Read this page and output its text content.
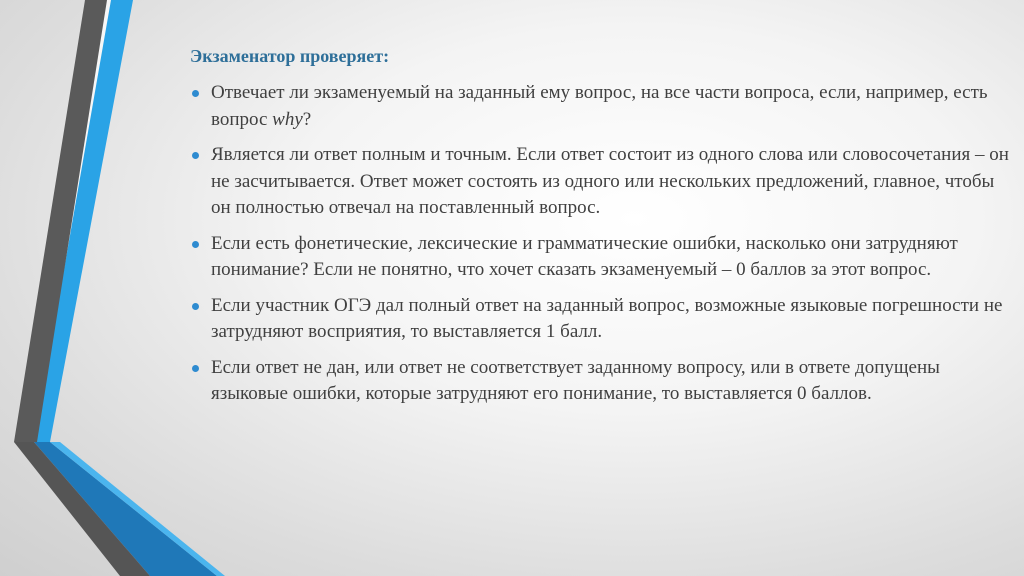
Экзаменатор проверяет:
Отвечает ли экзаменуемый на заданный ему вопрос, на все части вопроса, если, например, есть вопрос why?
Является ли ответ полным и точным. Если ответ состоит из одного слова или словосочетания – он не засчитывается. Ответ может состоять из одного или нескольких предложений, главное, чтобы он полностью отвечал на поставленный вопрос.
Если есть фонетические, лексические и грамматические ошибки, насколько они затрудняют понимание? Если не понятно, что хочет сказать экзаменуемый – 0 баллов за этот вопрос.
Если участник ОГЭ дал полный ответ на заданный вопрос, возможные языковые погрешности не затрудняют восприятия, то выставляется 1 балл.
Если ответ не дан, или ответ не соответствует заданному вопросу, или в ответе допущены языковые ошибки, которые затрудняют его понимание, то выставляется 0 баллов.
